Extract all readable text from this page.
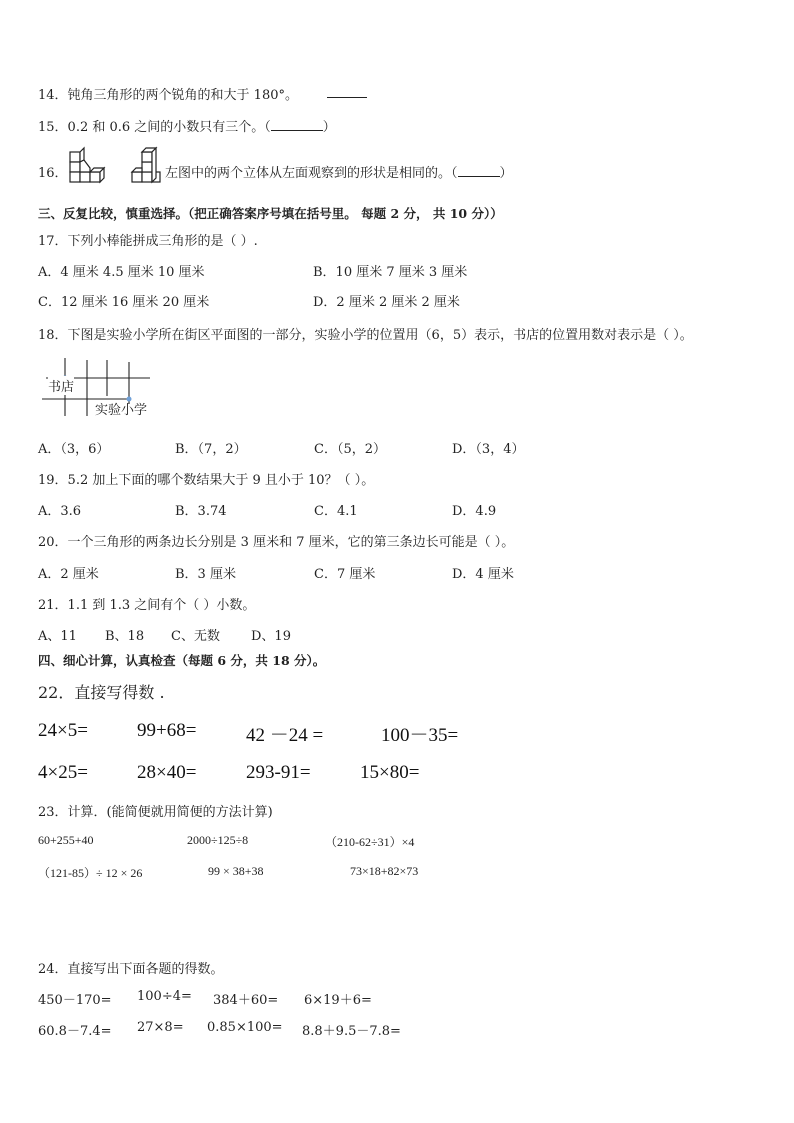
14．钝角三角形的两个锐角的和大于 180°。
15．0.2 和 0.6 之间的小数只有三个。（	）
16．	左图中的两个立体从左面观察到的形状是相同的。（	）
三、反复比较，慎重选择。（把正确答案序号填在括号里。 每题 2 分， 共 10 分））
17．下列小棒能拼成三角形的是（ ）.
A．4 厘米 4.5 厘米 10 厘米	B．10 厘米 7 厘米 3 厘米
C．12 厘米 16 厘米 20 厘米	D．2 厘米 2 厘米 2 厘米
18．下图是实验小学所在街区平面图的一部分，实验小学的位置用（6，5）表示，书店的位置用数对表示是（ ）。
书店
实验小学
A．（3，6）	B．（7，2）	C．（5，2）	D．（3，4）
19．5.2 加上下面的哪个数结果大于 9 且小于 10？（ ）。
A．3.6	B．3.74	C．4.1	D．4.9
20．一个三角形的两条边长分别是 3 厘米和 7 厘米，它的第三条边长可能是（ ）。
A．2 厘米	B．3 厘米	C．7 厘米	D．4 厘米
21．1.1 到 1.3 之间有个（ ）小数。
A、11 B、18 C、无数 D、19
四、细心计算，认真检查（每题 6 分，共 18 分）。
22．直接写得数 .
24×5=	99+68=	42 －24 =	100－35=
4×25=	28×40=	293-91=	15×80=
23．计算．(能简便就用简便的方法计算)
60+255+40	2000÷125÷8	（210-62÷31）×4
（121-85）÷ 12 × 26	99 × 38+38	73×18+82×73
24．直接写出下面各题的得数。
450－170= 100÷4= 384＋60= 6×19＋6=
60.8－7.4= 27×8= 0.85×100= 8.8＋9.5－7.8=
